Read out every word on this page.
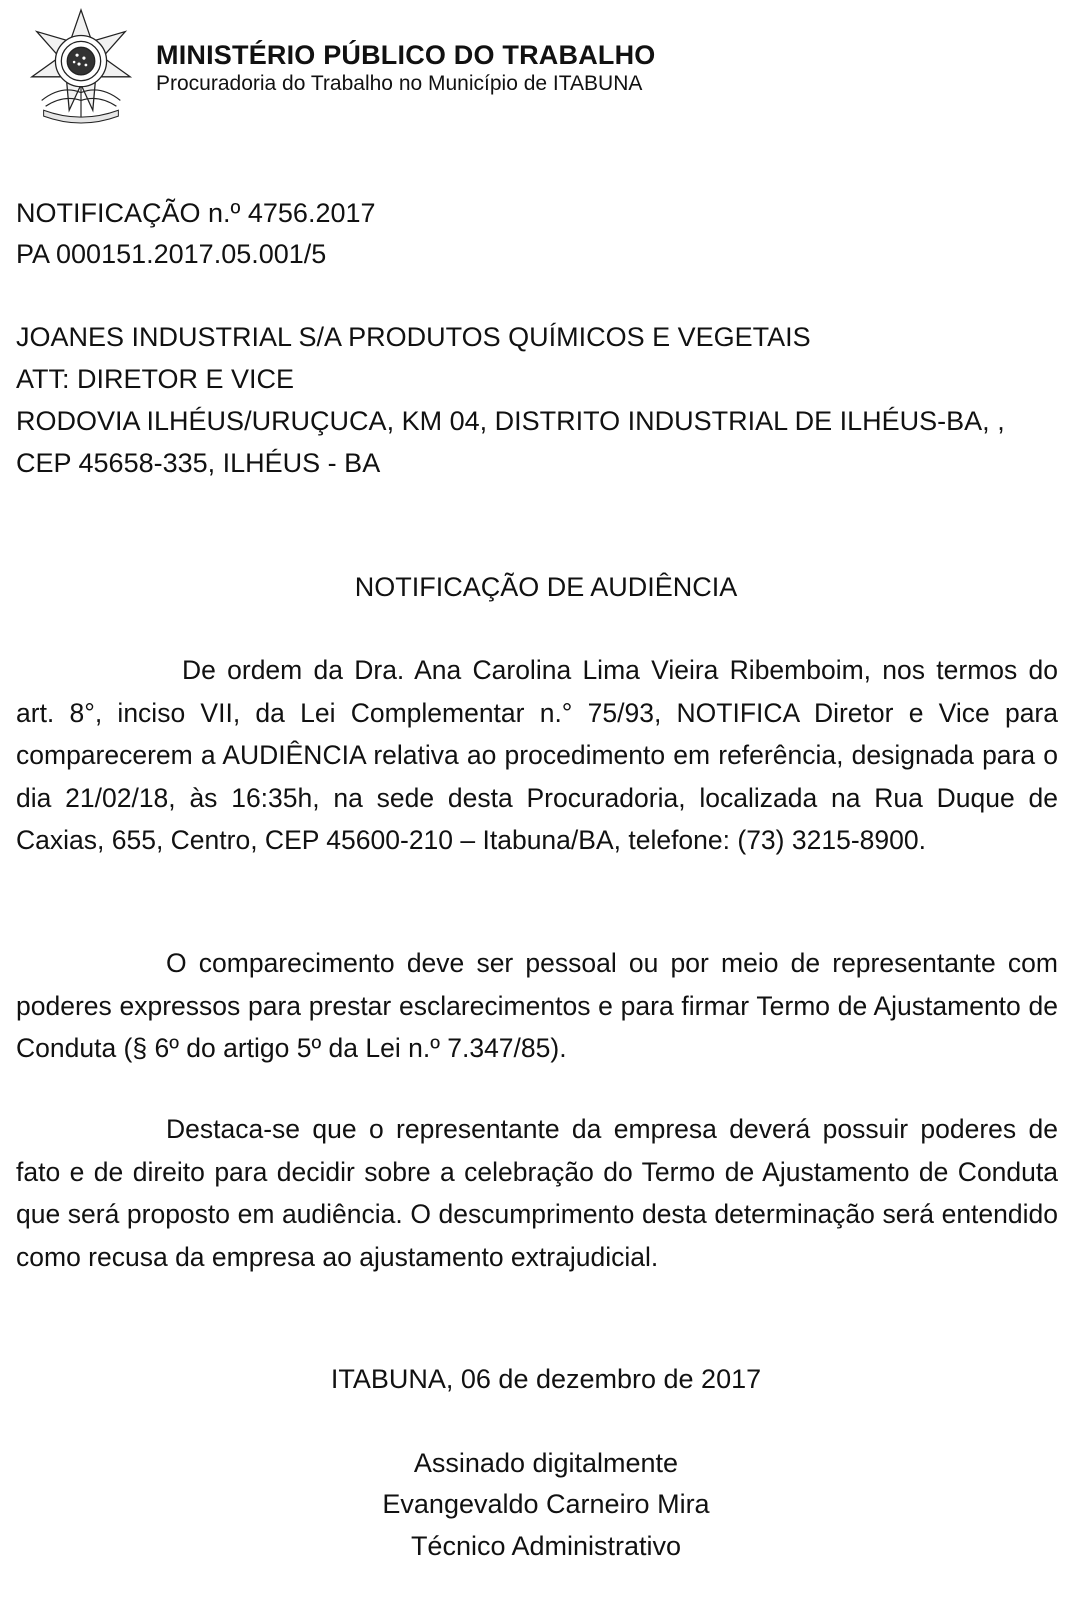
MINISTÉRIO PÚBLICO DO TRABALHO
Procuradoria do Trabalho no Município de ITABUNA
NOTIFICAÇÃO n.º 4756.2017
PA 000151.2017.05.001/5
JOANES INDUSTRIAL S/A PRODUTOS QUÍMICOS E VEGETAIS
ATT: DIRETOR E VICE
RODOVIA ILHÉUS/URUÇUCA, KM 04, DISTRITO INDUSTRIAL DE ILHÉUS-BA, ,
CEP 45658-335, ILHÉUS - BA
NOTIFICAÇÃO DE AUDIÊNCIA
De ordem da Dra. Ana Carolina Lima Vieira Ribemboim, nos termos do art. 8°, inciso VII, da Lei Complementar n.° 75/93, NOTIFICA Diretor e Vice para comparecerem a AUDIÊNCIA relativa ao procedimento em referência, designada para o dia 21/02/18, às 16:35h, na sede desta Procuradoria, localizada na Rua Duque de Caxias, 655, Centro, CEP 45600-210 – Itabuna/BA, telefone: (73) 3215-8900.
O comparecimento deve ser pessoal ou por meio de representante com poderes expressos para prestar esclarecimentos e para firmar Termo de Ajustamento de Conduta (§ 6º do artigo 5º da Lei n.º 7.347/85).
Destaca-se que o representante da empresa deverá possuir poderes de fato e de direito para decidir sobre a celebração do Termo de Ajustamento de Conduta que será proposto em audiência. O descumprimento desta determinação será entendido como recusa da empresa ao ajustamento extrajudicial.
ITABUNA, 06 de dezembro de 2017
Assinado digitalmente
Evangevaldo Carneiro Mira
Técnico Administrativo
